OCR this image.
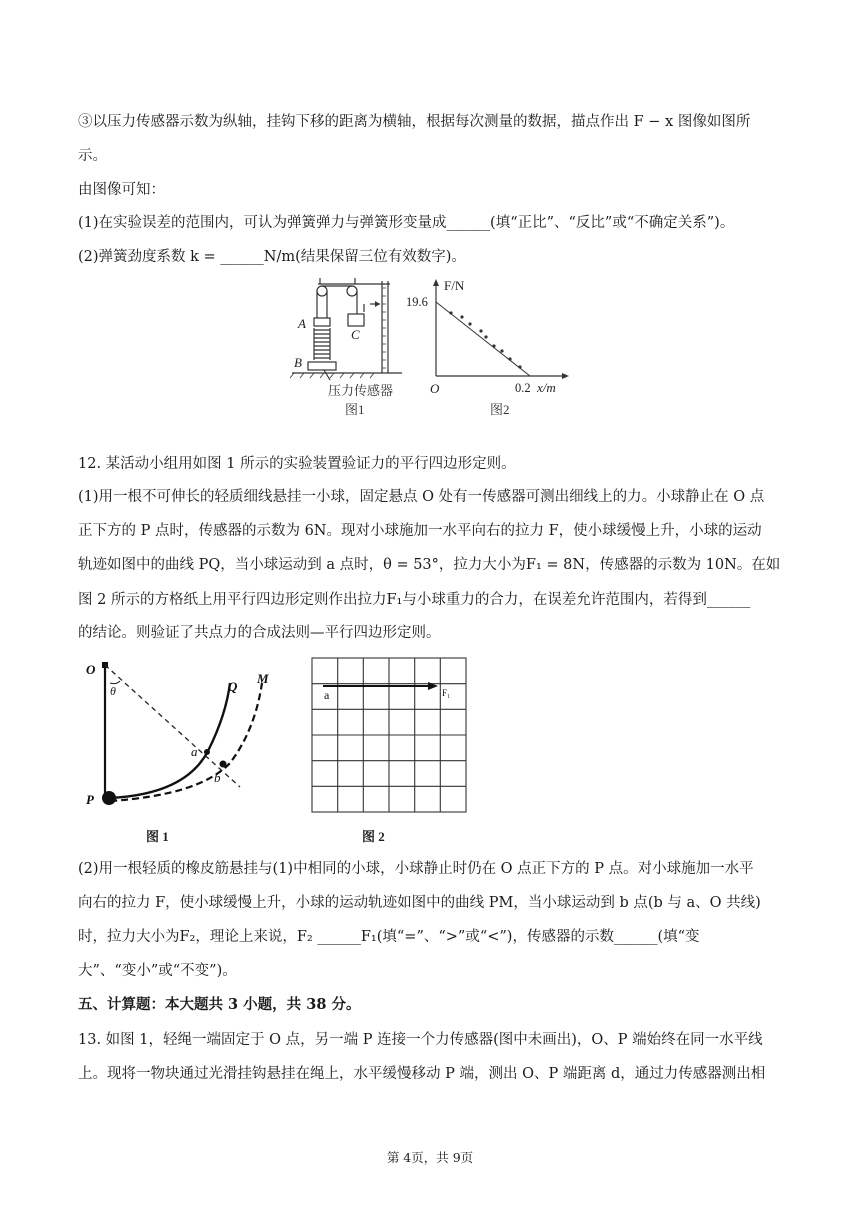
③以压力传感器示数为纵轴，挂钩下移的距离为横轴，根据每次测量的数据，描点作出 F − x 图像如图所
示。
由图像可知：
(1)在实验误差的范围内，可认为弹簧弹力与弹簧形变量成______(填“正比”、“反比”或“不确定关系”)。
(2)弹簧劲度系数 k = ______N/m(结果保留三位有效数字)。
A
B
C
压力传感器
图1
F/N
19.6
O	0.2 x/m
图2
12. 某活动小组用如图 1 所示的实验装置验证力的平行四边形定则。
(1)用一根不可伸长的轻质细线悬挂一小球，固定悬点 O 处有一传感器可测出细线上的力。小球静止在 O 点
正下方的 P 点时，传感器的示数为 6N。现对小球施加一水平向右的拉力 F，使小球缓慢上升，小球的运动
轨迹如图中的曲线 PQ，当小球运动到 a 点时，θ = 53°，拉力大小为F₁ = 8N，传感器的示数为 10N。在如
图 2 所示的方格纸上用平行四边形定则作出拉力F₁与小球重力的合力，在误差允许范围内，若得到______
的结论。则验证了共点力的合成法则—平行四边形定则。
O
θ	Q
M
a
b
P
图 1
a	F₁
图 2
(2)用一根轻质的橡皮筋悬挂与(1)中相同的小球，小球静止时仍在 O 点正下方的 P 点。对小球施加一水平
向右的拉力 F，使小球缓慢上升，小球的运动轨迹如图中的曲线 PM，当小球运动到 b 点(b 与 a、O 共线)
时，拉力大小为F₂，理论上来说，F₂ ______F₁(填“=”、“>”或“<”)，传感器的示数______(填“变
大”、“变小”或“不变”)。
五、计算题：本大题共 3 小题，共 38 分。
13. 如图 1，轻绳一端固定于 O 点，另一端 P 连接一个力传感器(图中未画出)，O、P 端始终在同一水平线
上。现将一物块通过光滑挂钩悬挂在绳上，水平缓慢移动 P 端，测出 O、P 端距离 d，通过力传感器测出相
第 4页，共 9页
